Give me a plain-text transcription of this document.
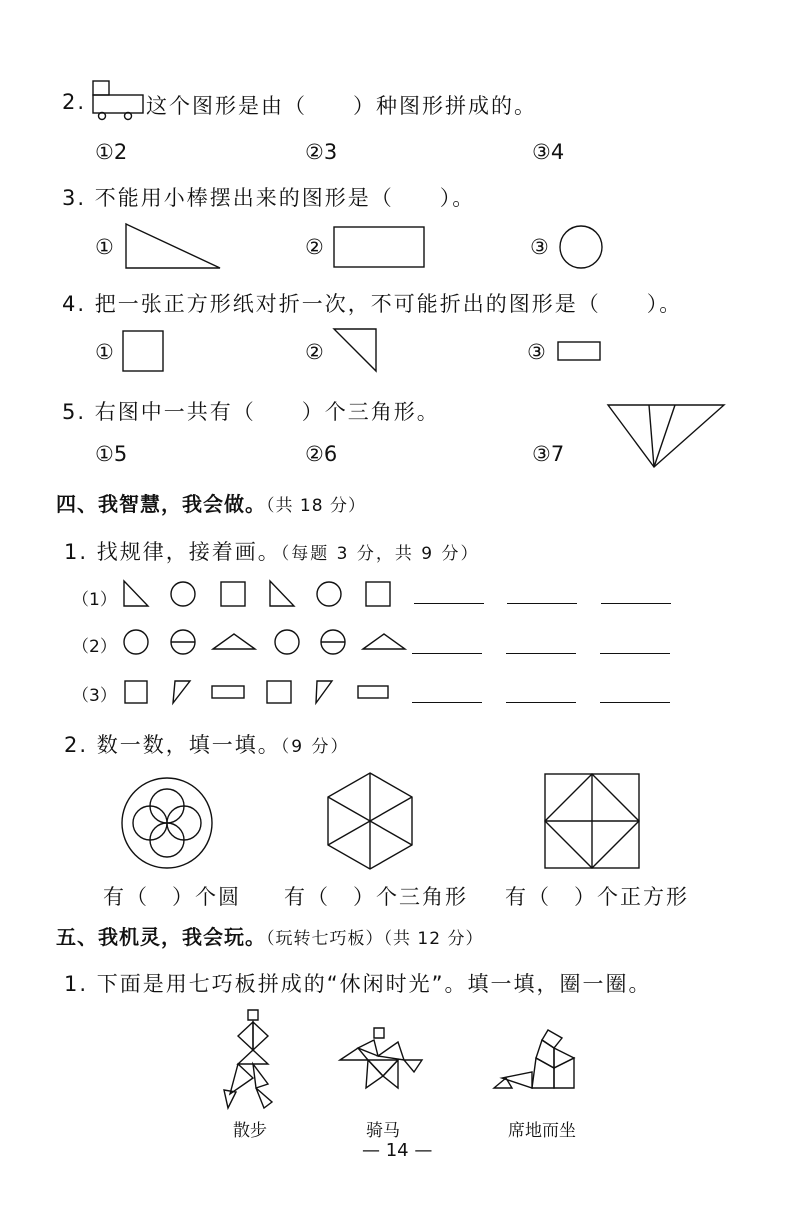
2.	这个图形是由（　　）种图形拼成的。
①2	②3	③4
3. 不能用小棒摆出来的图形是（　　）。
①	②	③
4. 把一张正方形纸对折一次，不可能折出的图形是（　　）。
①	②	③
5. 右图中一共有（　　）个三角形。
①5	②6	③7
四、我智慧，我会做。（共 18 分）
1. 找规律，接着画。（每题 3 分，共 9 分）
（1）
（2）
（3）
2. 数一数，填一填。（9 分）
有（　）个圆 有（　）个三角形 有（　）个正方形
五、我机灵，我会玩。（玩转七巧板）（共 12 分）
1. 下面是用七巧板拼成的“休闲时光”。填一填，圈一圈。
散步	骑马	席地而坐
— 14 —
